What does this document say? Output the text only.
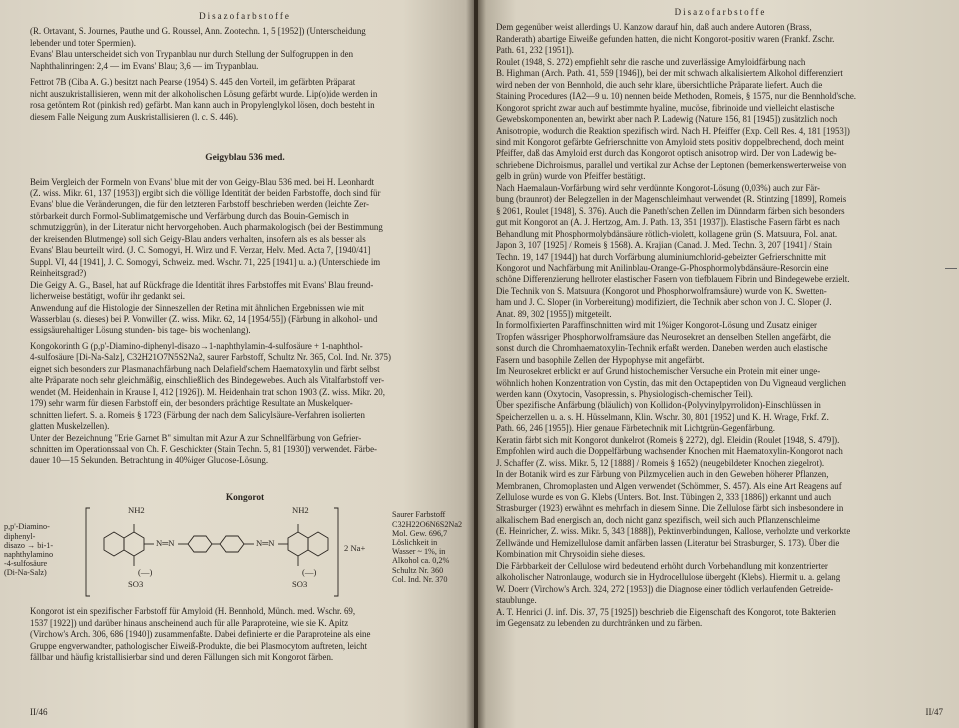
Disazofarbstoffe
(R. Ortavant, S. Journes, Pauthe und G. Roussel, Ann. Zootechn. 1, 5 [1952]) (Unterscheidung
lebender und toter Spermien).
Evans' Blau unterscheidet sich von Trypanblau nur durch Stellung der Sulfogruppen in den
Naphthalinringen: 2,4 — im Evans' Blau; 3,6 — im Trypanblau.
Fettrot 7B (Ciba A. G.) besitzt nach Pearse (1954) S. 445 den Vorteil, im gefärbten Präparat
nicht auszukristallisieren, wenn mit der alkoholischen Lösung gefärbt wurde. Lip(o)ide werden in
rosa getöntem Rot (pinkish red) gefärbt. Man kann auch in Propylenglykol lösen, doch besteht in
diesem Falle Neigung zum Auskristallisieren (l. c. S. 446).
Geigyblau 536 med.
Beim Vergleich der Formeln von Evans' blue mit der von Geigy-Blau 536 med. bei H. Leonhardt
(Z. wiss. Mikr. 61, 137 [1953]) ergibt sich die völlige Identität der beiden Farbstoffe, doch sind für
Evans' blue die Veränderungen, die für den letzteren Farbstoff beschrieben werden (leichte Zer-
störbarkeit durch Formol-Sublimatgemische und Verfärbung durch das Bouin-Gemisch in
schmutziggrün), in der Literatur nicht hervorgehoben. Auch pharmakologisch (bei der Bestimmung
der kreisenden Blutmenge) soll sich Geigy-Blau anders verhalten, insofern als es als besser als
Evans' Blau beurteilt wird. (J. C. Somogyi, H. Wirz und F. Verzar, Helv. Med. Acta 7, [1940/41]
Suppl. VI, 44 [1941], J. C. Somogyi, Schweiz. med. Wschr. 71, 225 [1941] u. a.) (Unterschiede im
Reinheitsgrad?)
Die Geigy A. G., Basel, hat auf Rückfrage die Identität ihres Farbstoffes mit Evans' Blau freund-
licherweise bestätigt, wofür ihr gedankt sei.
Anwendung auf die Histologie der Sinneszellen der Retina mit ähnlichen Ergebnissen wie mit
Wasserblau (s. dieses) bei P. Vonwiller (Z. wiss. Mikr. 62, 14 [1954/55]) (Färbung in alkohol- und
essigsäurehaltiger Lösung stunden- bis tage- bis wochenlang).
Kongokorinth G (p,p'-Diamino-diphenyl-disazo→1-naphthylamin-4-sulfosäure + 1-naphthol-
4-sulfosäure [Di-Na-Salz], C32H21O7N5S2Na2, saurer Farbstoff, Schultz Nr. 365, Col. Ind. Nr. 375)
eignet sich besonders zur Plasmanachfärbung nach Delafield'schem Haematoxylin und färbt selbst
alte Präparate noch sehr gleichmäßig, einschließlich des Bindegewebes. Auch als Vitalfarbstoff ver-
wendet (M. Heidenhain in Krause I, 412 [1926]). M. Heidenhain trat schon 1903 (Z. wiss. Mikr. 20,
179) sehr warm für diesen Farbstoff ein, der besonders prächtige Resultate an Muskelquer-
schnitten liefert. S. a. Romeis § 1723 (Färbung der nach dem Salicylsäure-Verfahren isolierten
glatten Muskelzellen).
Unter der Bezeichnung "Erie Garnet B" simultan mit Azur A zur Schnellfärbung von Gefrier-
schnitten im Operationssaal von Ch. F. Geschickter (Stain Techn. 5, 81 [1930]) verwendet. Färbe-
dauer 10—15 Sekunden. Betrachtung in 40%iger Glucose-Lösung.
Kongorot
p,p'-Diamino-
diphenyl-
disazo → bi-1-
naphthylamino
-4-sulfosäure
(Di-Na-Salz)
NH2	NH2
N═N	N═N
(—)	(—)
SO3	SO3
2 Na+
Saurer Farbstoff
C32H22O6N6S2Na2
Mol. Gew. 696,7
Löslichkeit in
Wasser ~ 1%, in
Alkohol ca. 0,2%
Schultz Nr. 360
Col. Ind. Nr. 370
Kongorot ist ein spezifischer Farbstoff für Amyloid (H. Bennhold, Münch. med. Wschr. 69,
1537 [1922]) und darüber hinaus anscheinend auch für alle Paraproteine, wie sie K. Apitz
(Virchow's Arch. 306, 686 [1940]) zusammenfaßte. Dabei definierte er die Paraproteine als eine
Gruppe engverwandter, pathologischer Eiweiß-Produkte, die bei Plasmocytom auftreten, leicht
fällbar und häufig kristallisierbar sind und deren Fällungen sich mit Kongorot färben.
II/46
Disazofarbstoffe
Dem gegenüber weist allerdings U. Kanzow darauf hin, daß auch andere Autoren (Brass,
Randerath) abartige Eiweiße gefunden hatten, die nicht Kongorot-positiv waren (Frankf. Zschr.
Path. 61, 232 [1951]).
Roulet (1948, S. 272) empfiehlt sehr die rasche und zuverlässige Amyloidfärbung nach
B. Highman (Arch. Path. 41, 559 [1946]), bei der mit schwach alkalisiertem Alkohol differenziert
wird neben der von Bennhold, die auch sehr klare, übersichtliche Präparate liefert. Auch die
Staining Procedures (IA2—9 u. 10) nennen beide Methoden, Romeis, § 1575, nur die Bennhold'sche.
Kongorot spricht zwar auch auf bestimmte hyaline, mucöse, fibrinoide und vielleicht elastische
Gewebskomponenten an, bewirkt aber nach P. Ladewig (Nature 156, 81 [1945]) zusätzlich noch
Anisotropie, wodurch die Reaktion spezifisch wird. Nach H. Pfeiffer (Exp. Cell Res. 4, 181 [1953])
sind mit Kongorot gefärbte Gefrierschnitte von Amyloid stets positiv doppelbrechend, doch meint
Pfeiffer, daß das Amyloid erst durch das Kongorot optisch anisotrop wird. Der von Ladewig be-
schriebene Dichroismus, parallel und vertikal zur Achse der Leptonen (bemerkenswerterweise von
gelb in grün) wurde von Pfeiffer bestätigt.
Nach Haemalaun-Vorfärbung wird sehr verdünnte Kongorot-Lösung (0,03%) auch zur Fär-
bung (braunrot) der Belegzellen in der Magenschleimhaut verwendet (R. Stintzing [1899], Romeis
§ 2061, Roulet [1948], S. 376). Auch die Paneth'schen Zellen im Dünndarm färben sich besonders
gut mit Kongorot an (A. J. Hertzog, Am. J. Path. 13, 351 [1937]). Elastische Fasern färbt es nach
Behandlung mit Phosphormolybdänsäure rötlich-violett, kollagene grün (S. Matsuura, Fol. anat.
Japon 3, 107 [1925] / Romeis § 1568). A. Krajian (Canad. J. Med. Techn. 3, 207 [1941] / Stain
Techn. 19, 147 [1944]) hat durch Vorfärbung aluminiumchlorid-gebeizter Gefrierschnitte mit
Kongorot und Nachfärbung mit Anilinblau-Orange-G-Phosphormolybdänsäure-Resorcin eine
schöne Differenzierung hellroter elastischer Fasern von tiefblauem Fibrin und Bindegewebe erzielt.
Die Technik von S. Matsuura (Kongorot und Phosphorwolframsäure) wurde von K. Swetten-
ham und J. C. Sloper (in Vorbereitung) modifiziert, die Technik aber schon von J. C. Sloper (J.
Anat. 89, 302 [1955]) mitgeteilt.
In formolfixierten Paraffinschnitten wird mit 1%iger Kongorot-Lösung und Zusatz einiger
Tropfen wässriger Phosphorwolframsäure das Neurosekret an denselben Stellen angefärbt, die
sonst durch die Chromhaematoxylin-Technik erfaßt werden. Daneben werden auch elastische
Fasern und basophile Zellen der Hypophyse mit angefärbt.
Im Neurosekret erblickt er auf Grund histochemischer Versuche ein Protein mit einer unge-
wöhnlich hohen Konzentration von Cystin, das mit den Octapeptiden von Du Vigneaud verglichen
werden kann (Oxytocin, Vasopressin, s. Physiologisch-chemischer Teil).
Über spezifische Anfärbung (bläulich) von Kollidon-(Polyvinylpyrrolidon)-Einschlüssen in
Speicherzellen u. a. s. H. Hüsselmann, Klin. Wschr. 30, 801 [1952] und K. H. Wrage, Frkf. Z.
Path. 66, 246 [1955]). Hier genaue Färbetechnik mit Lichtgrün-Gegenfärbung.
Keratin färbt sich mit Kongorot dunkelrot (Romeis § 2272), dgl. Eleidin (Roulet [1948, S. 479]).
Empfohlen wird auch die Doppelfärbung wachsender Knochen mit Haematoxylin-Kongorot nach
J. Schaffer (Z. wiss. Mikr. 5, 12 [1888] / Romeis § 1652) (neugebildeter Knochen ziegelrot).
In der Botanik wird es zur Färbung von Pilzmycelien auch in den Geweben höherer Pflanzen,
Membranen, Chromoplasten und Algen verwendet (Schömmer, S. 457). Als eine Art Reagens auf
Zellulose wurde es von G. Klebs (Unters. Bot. Inst. Tübingen 2, 333 [1886]) erkannt und auch
Strasburger (1923) erwähnt es mehrfach in diesem Sinne. Die Zellulose färbt sich insbesondere in
alkalischem Bad energisch an, doch nicht ganz spezifisch, weil sich auch Pflanzenschleime
(E. Heinricher, Z. wiss. Mikr. 5, 343 [1888]), Pektinverbindungen, Kallose, verholzte und verkorkte
Zellwände und Hemizellulose damit anfärben lassen (Literatur bei Strasburger, S. 173). Über die
Kombination mit Chrysoidin siehe dieses.
Die Färbbarkeit der Cellulose wird bedeutend erhöht durch Vorbehandlung mit konzentrierter
alkoholischer Natronlauge, wodurch sie in Hydrocellulose übergeht (Klebs). Hiermit u. a. gelang
W. Doerr (Virchow's Arch. 324, 272 [1953]) die Diagnose einer tödlich verlaufenden Getreide-
staublunge.
A. T. Henrici (J. inf. Dis. 37, 75 [1925]) beschrieb die Eigenschaft des Kongorot, tote Bakterien
im Gegensatz zu lebenden zu durchtränken und zu färben.
II/47
